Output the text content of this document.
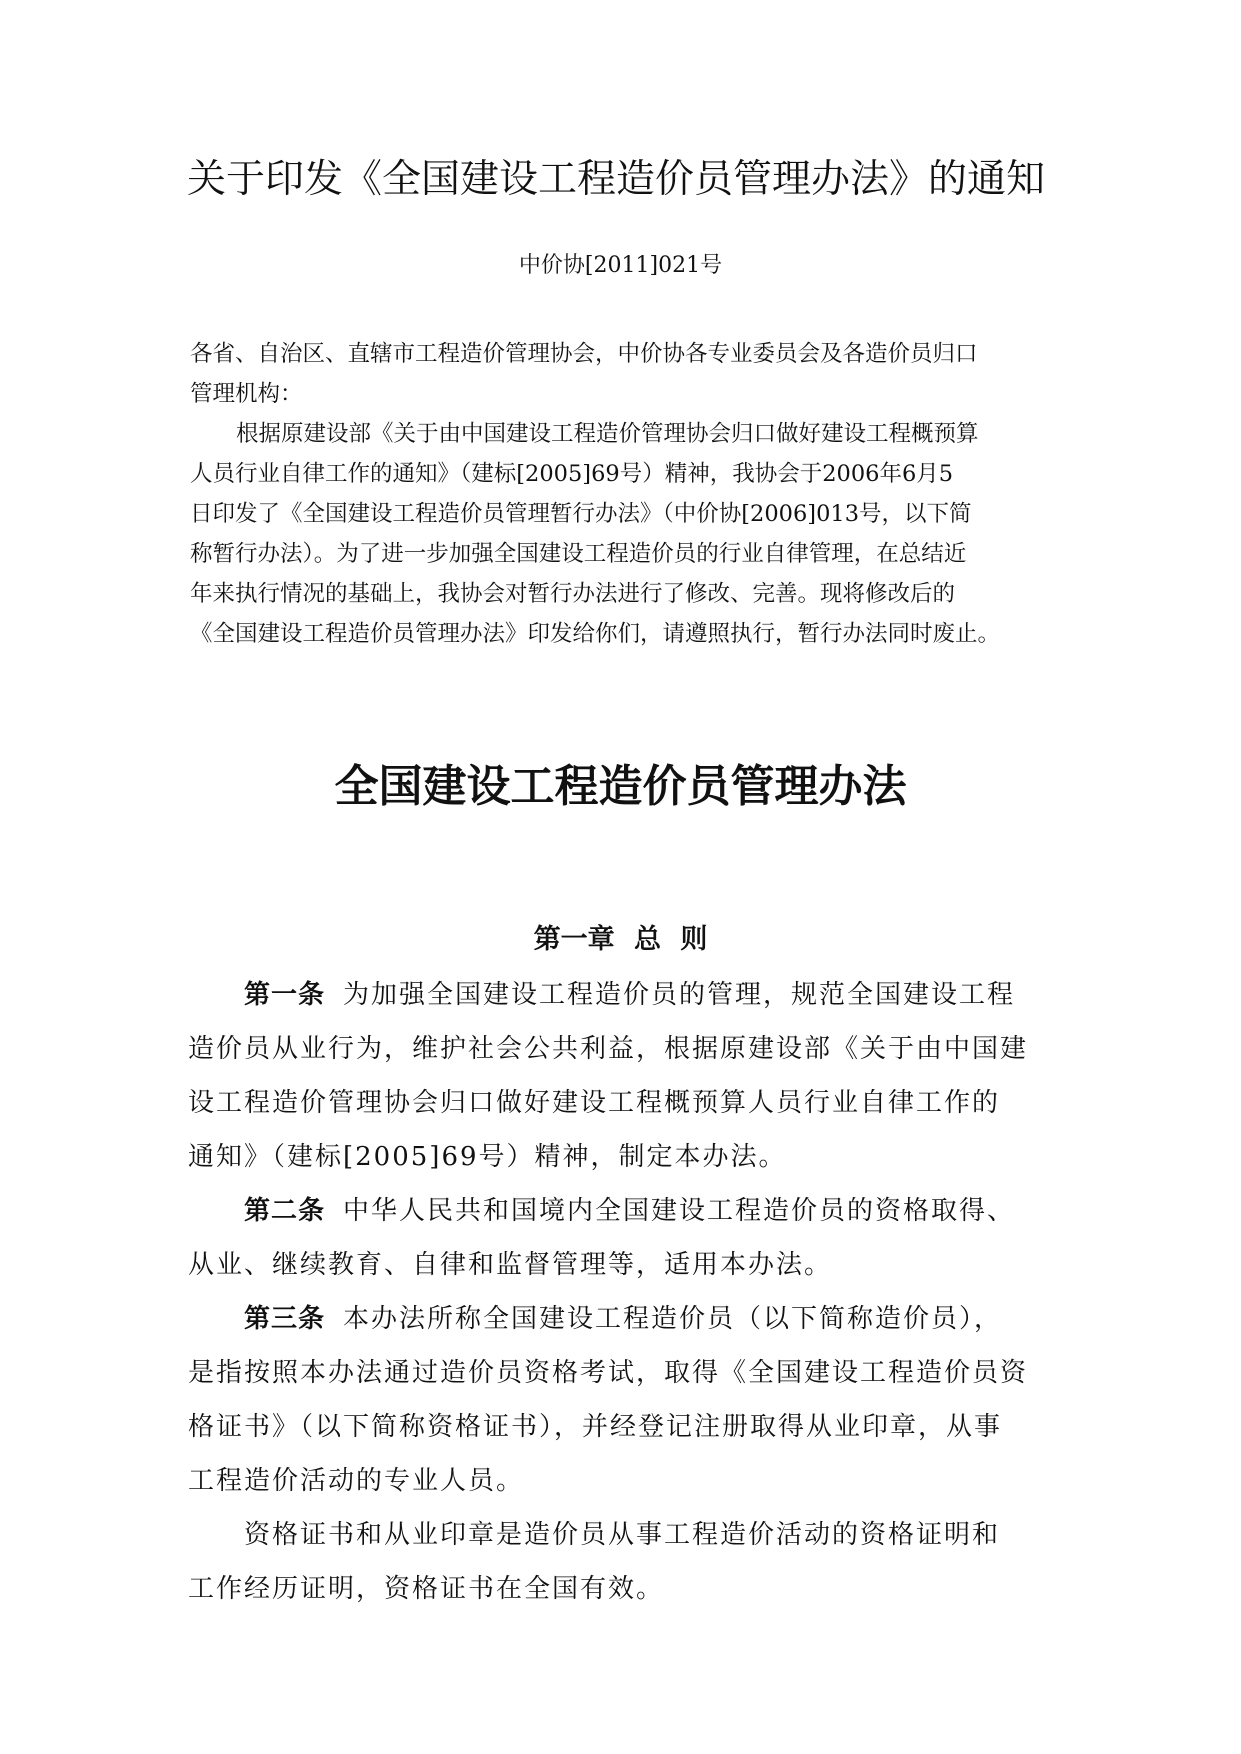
关于印发《全国建设工程造价员管理办法》的通知
中价协[2011]021号
各省、自治区、直辖市工程造价管理协会，中价协各专业委员会及各造价员归口
管理机构：
根据原建设部《关于由中国建设工程造价管理协会归口做好建设工程概预算
人员行业自律工作的通知》（建标[2005]69号）精神，我协会于2006年6月5
日印发了《全国建设工程造价员管理暂行办法》（中价协[2006]013号，以下简
称暂行办法）。为了进一步加强全国建设工程造价员的行业自律管理，在总结近
年来执行情况的基础上，我协会对暂行办法进行了修改、完善。现将修改后的
《全国建设工程造价员管理办法》印发给你们，请遵照执行，暂行办法同时废止。
全国建设工程造价员管理办法
第一章 总 则
第一条 为加强全国建设工程造价员的管理，规范全国建设工程
造价员从业行为，维护社会公共利益，根据原建设部《关于由中国建
设工程造价管理协会归口做好建设工程概预算人员行业自律工作的
通知》（建标[2005]69号）精神，制定本办法。
第二条 中华人民共和国境内全国建设工程造价员的资格取得、
从业、继续教育、自律和监督管理等，适用本办法。
第三条 本办法所称全国建设工程造价员（以下简称造价员），
是指按照本办法通过造价员资格考试，取得《全国建设工程造价员资
格证书》（以下简称资格证书），并经登记注册取得从业印章，从事
工程造价活动的专业人员。
资格证书和从业印章是造价员从事工程造价活动的资格证明和
工作经历证明，资格证书在全国有效。
